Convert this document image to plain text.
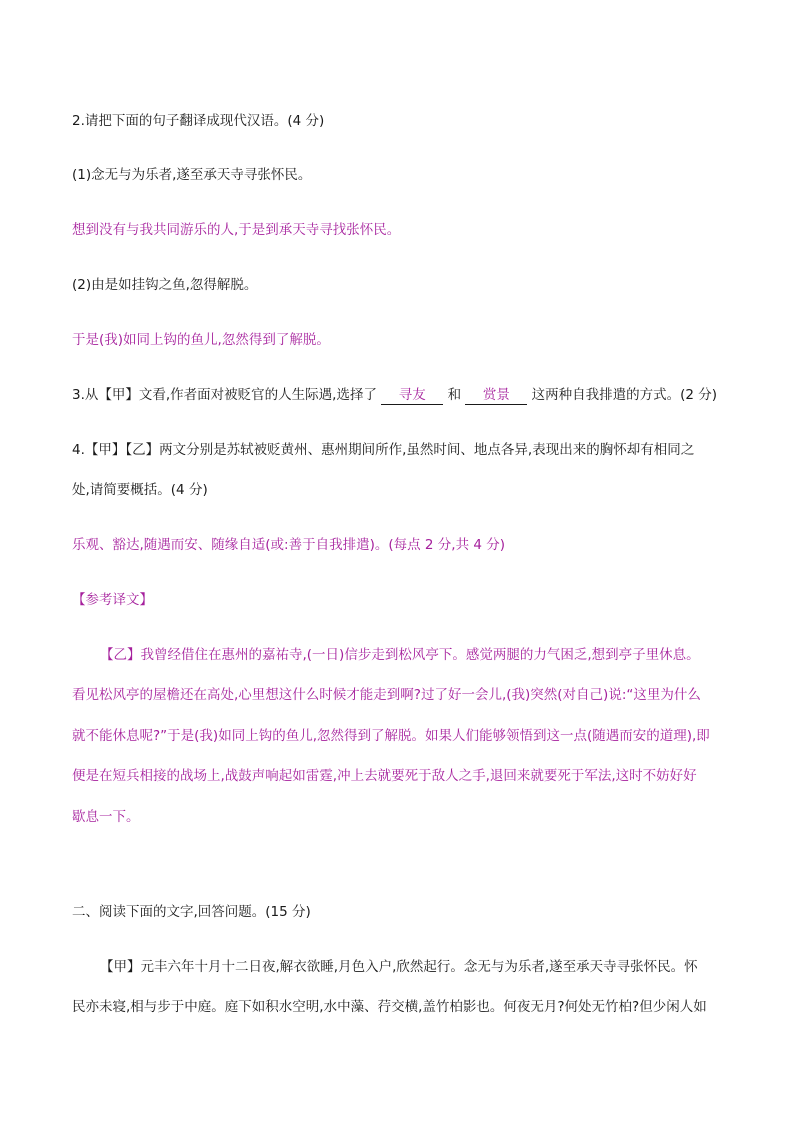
2.请把下面的句子翻译成现代汉语。(4 分)
(1)念无与为乐者,遂至承天寺寻张怀民。
想到没有与我共同游乐的人,于是到承天寺寻找张怀民。
(2)由是如挂钩之鱼,忽得解脱。
于是(我)如同上钩的鱼儿,忽然得到了解脱。
3.从【甲】文看,作者面对被贬官的人生际遇,选择了 寻友 和 赏景 这两种自我排遣的方式。(2 分)
4.【甲】【乙】两文分别是苏轼被贬黄州、惠州期间所作,虽然时间、地点各异,表现出来的胸怀却有相同之
处,请简要概括。(4 分)
乐观、豁达,随遇而安、随缘自适(或:善于自我排遣)。(每点 2 分,共 4 分)
【参考译文】
【乙】我曾经借住在惠州的嘉祐寺,(一日)信步走到松风亭下。感觉两腿的力气困乏,想到亭子里休息。
看见松风亭的屋檐还在高处,心里想这什么时候才能走到啊?过了好一会儿,(我)突然(对自己)说:“这里为什么
就不能休息呢?”于是(我)如同上钩的鱼儿,忽然得到了解脱。如果人们能够领悟到这一点(随遇而安的道理),即
便是在短兵相接的战场上,战鼓声响起如雷霆,冲上去就要死于敌人之手,退回来就要死于军法,这时不妨好好
歇息一下。
二、阅读下面的文字,回答问题。(15 分)
【甲】元丰六年十月十二日夜,解衣欲睡,月色入户,欣然起行。念无与为乐者,遂至承天寺寻张怀民。怀
民亦未寝,相与步于中庭。庭下如积水空明,水中藻、荇交横,盖竹柏影也。何夜无月?何处无竹柏?但少闲人如
